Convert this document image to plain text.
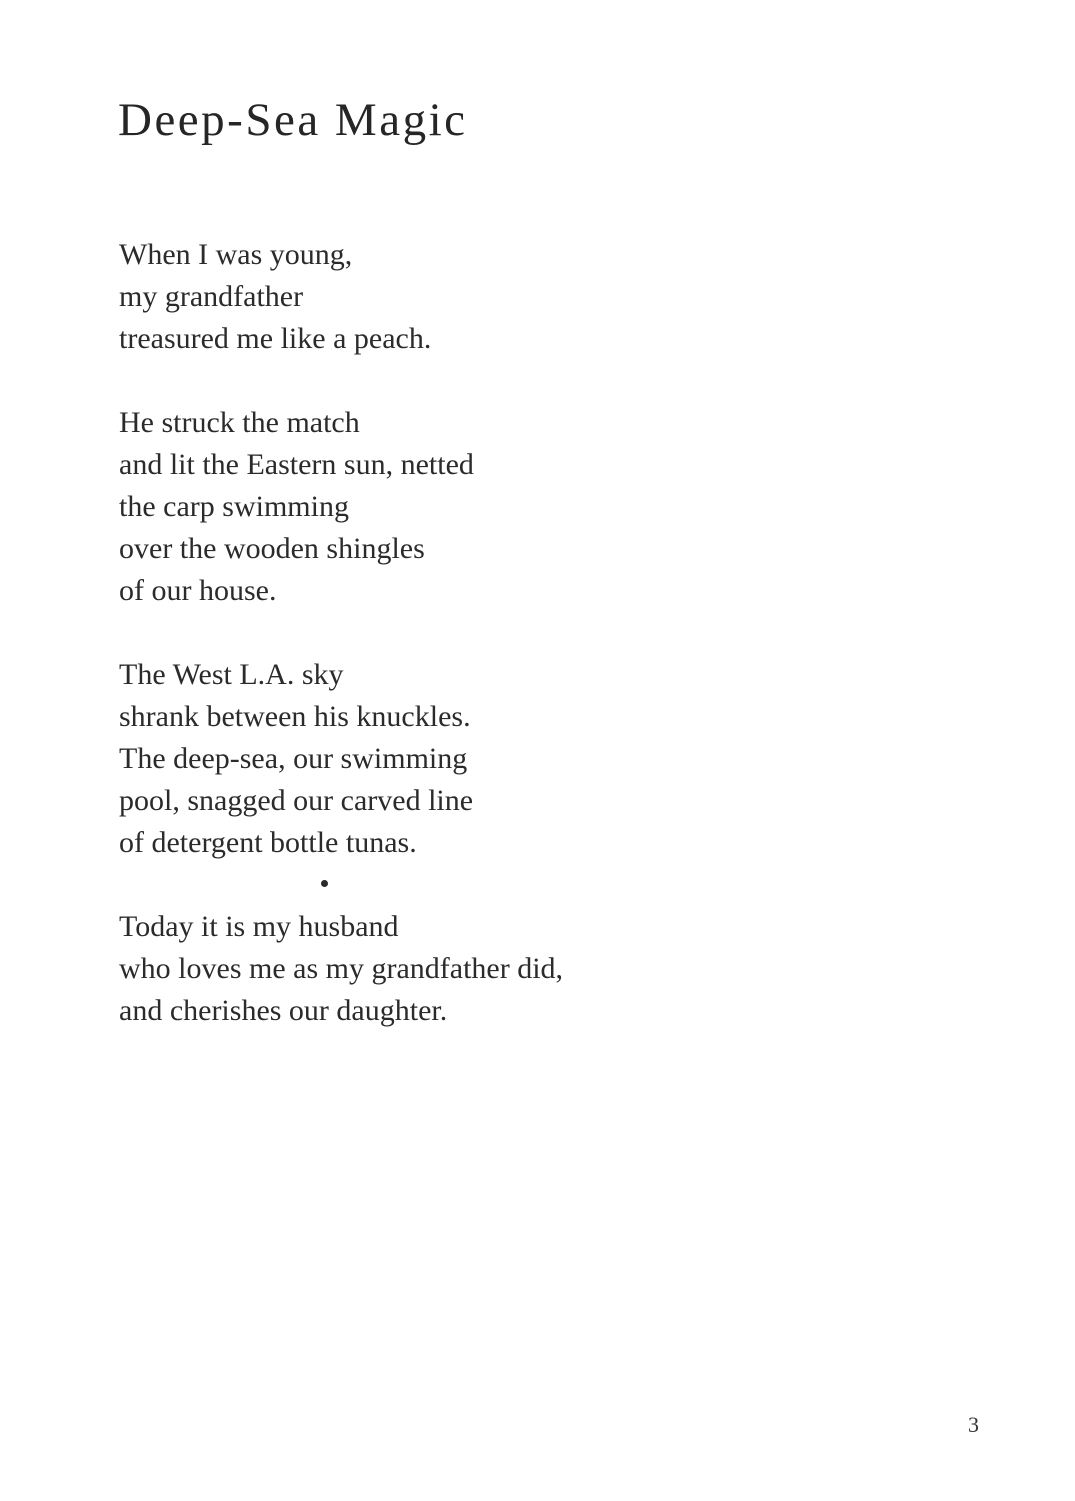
Deep-Sea Magic

When I was young,
my grandfather
treasured me like a peach.

He struck the match
and lit the Eastern sun, netted
the carp swimming
over the wooden shingles
of our house.

The West L.A. sky
shrank between his knuckles.
The deep-sea, our swimming
pool, snagged our carved line
of detergent bottle tunas.

Today it is my husband
who loves me as my grandfather did,
and cherishes our daughter.

3
